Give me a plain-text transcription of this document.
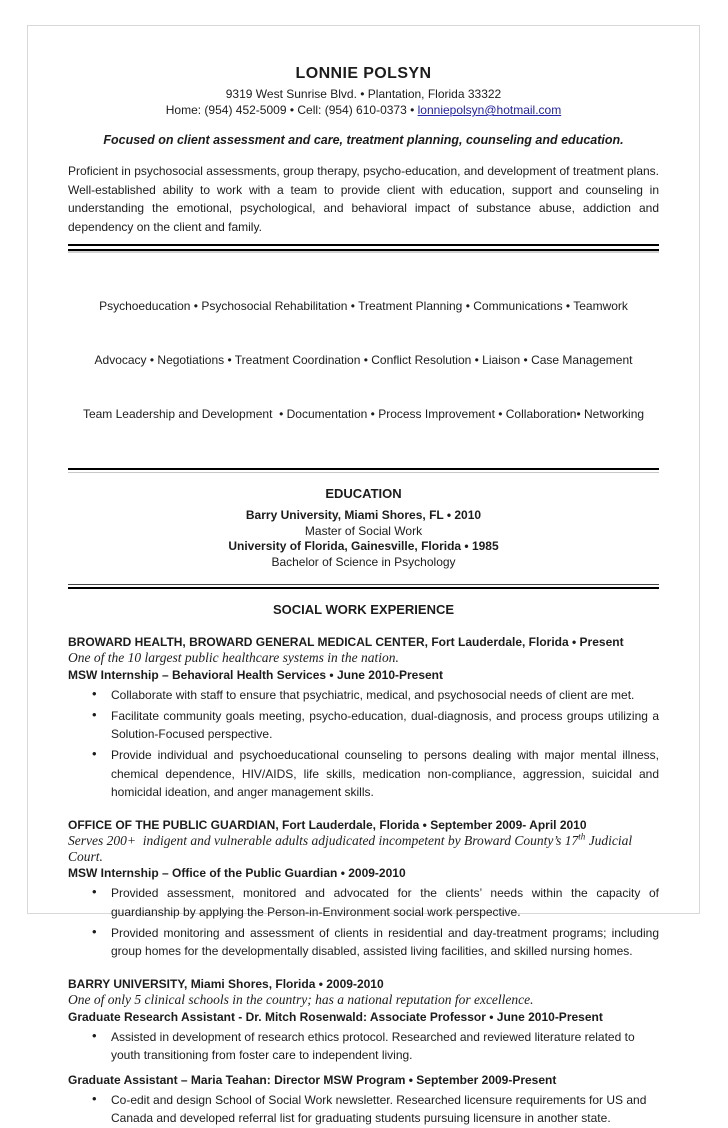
LONNIE POLSYN
9319 West Sunrise Blvd. • Plantation, Florida 33322
Home: (954) 452-5009 • Cell: (954) 610-0373 • lonniepolsyn@hotmail.com
Focused on client assessment and care, treatment planning, counseling and education.
Proficient in psychosocial assessments, group therapy, psycho-education, and development of treatment plans. Well-established ability to work with a team to provide client with education, support and counseling in understanding the emotional, psychological, and behavioral impact of substance abuse, addiction and dependency on the client and family.

Psychoeducation • Psychosocial Rehabilitation • Treatment Planning • Communications • Teamwork

Advocacy • Negotiations • Treatment Coordination • Conflict Resolution • Liaison • Case Management

Team Leadership and Development  • Documentation • Process Improvement • Collaboration• Networking

EDUCATION
Barry University, Miami Shores, FL • 2010
Master of Social Work
University of Florida, Gainesville, Florida • 1985
Bachelor of Science in Psychology
SOCIAL WORK EXPERIENCE
BROWARD HEALTH, BROWARD GENERAL MEDICAL CENTER, Fort Lauderdale, Florida • Present
One of the 10 largest public healthcare systems in the nation.
MSW Internship – Behavioral Health Services • June 2010-Present
• Collaborate with staff to ensure that psychiatric, medical, and psychosocial needs of client are met.
• Facilitate community goals meeting, psycho-education, dual-diagnosis, and process groups utilizing a Solution-Focused perspective.
• Provide individual and psychoeducational counseling to persons dealing with major mental illness, chemical dependence, HIV/AIDS, life skills, medication non-compliance, aggression, suicidal and homicidal ideation, and anger management skills.
OFFICE OF THE PUBLIC GUARDIAN, Fort Lauderdale, Florida • September 2009- April 2010
Serves 200+  indigent and vulnerable adults adjudicated incompetent by Broward County’s 17th Judicial Court.
MSW Internship – Office of the Public Guardian • 2009-2010
• Provided assessment, monitored and advocated for the clients’ needs within the capacity of guardianship by applying the Person-in-Environment social work perspective.
• Provided monitoring and assessment of clients in residential and day-treatment programs; including group homes for the developmentally disabled, assisted living facilities, and skilled nursing homes.
BARRY UNIVERSITY, Miami Shores, Florida • 2009-2010
One of only 5 clinical schools in the country; has a national reputation for excellence.
Graduate Research Assistant - Dr. Mitch Rosenwald: Associate Professor • June 2010-Present
• Assisted in development of research ethics protocol. Researched and reviewed literature related to youth transitioning from foster care to independent living.
Graduate Assistant – Maria Teahan: Director MSW Program • September 2009-Present
• Co-edit and design School of Social Work newsletter. Researched licensure requirements for US and Canada and developed referral list for graduating students pursuing licensure in another state.
